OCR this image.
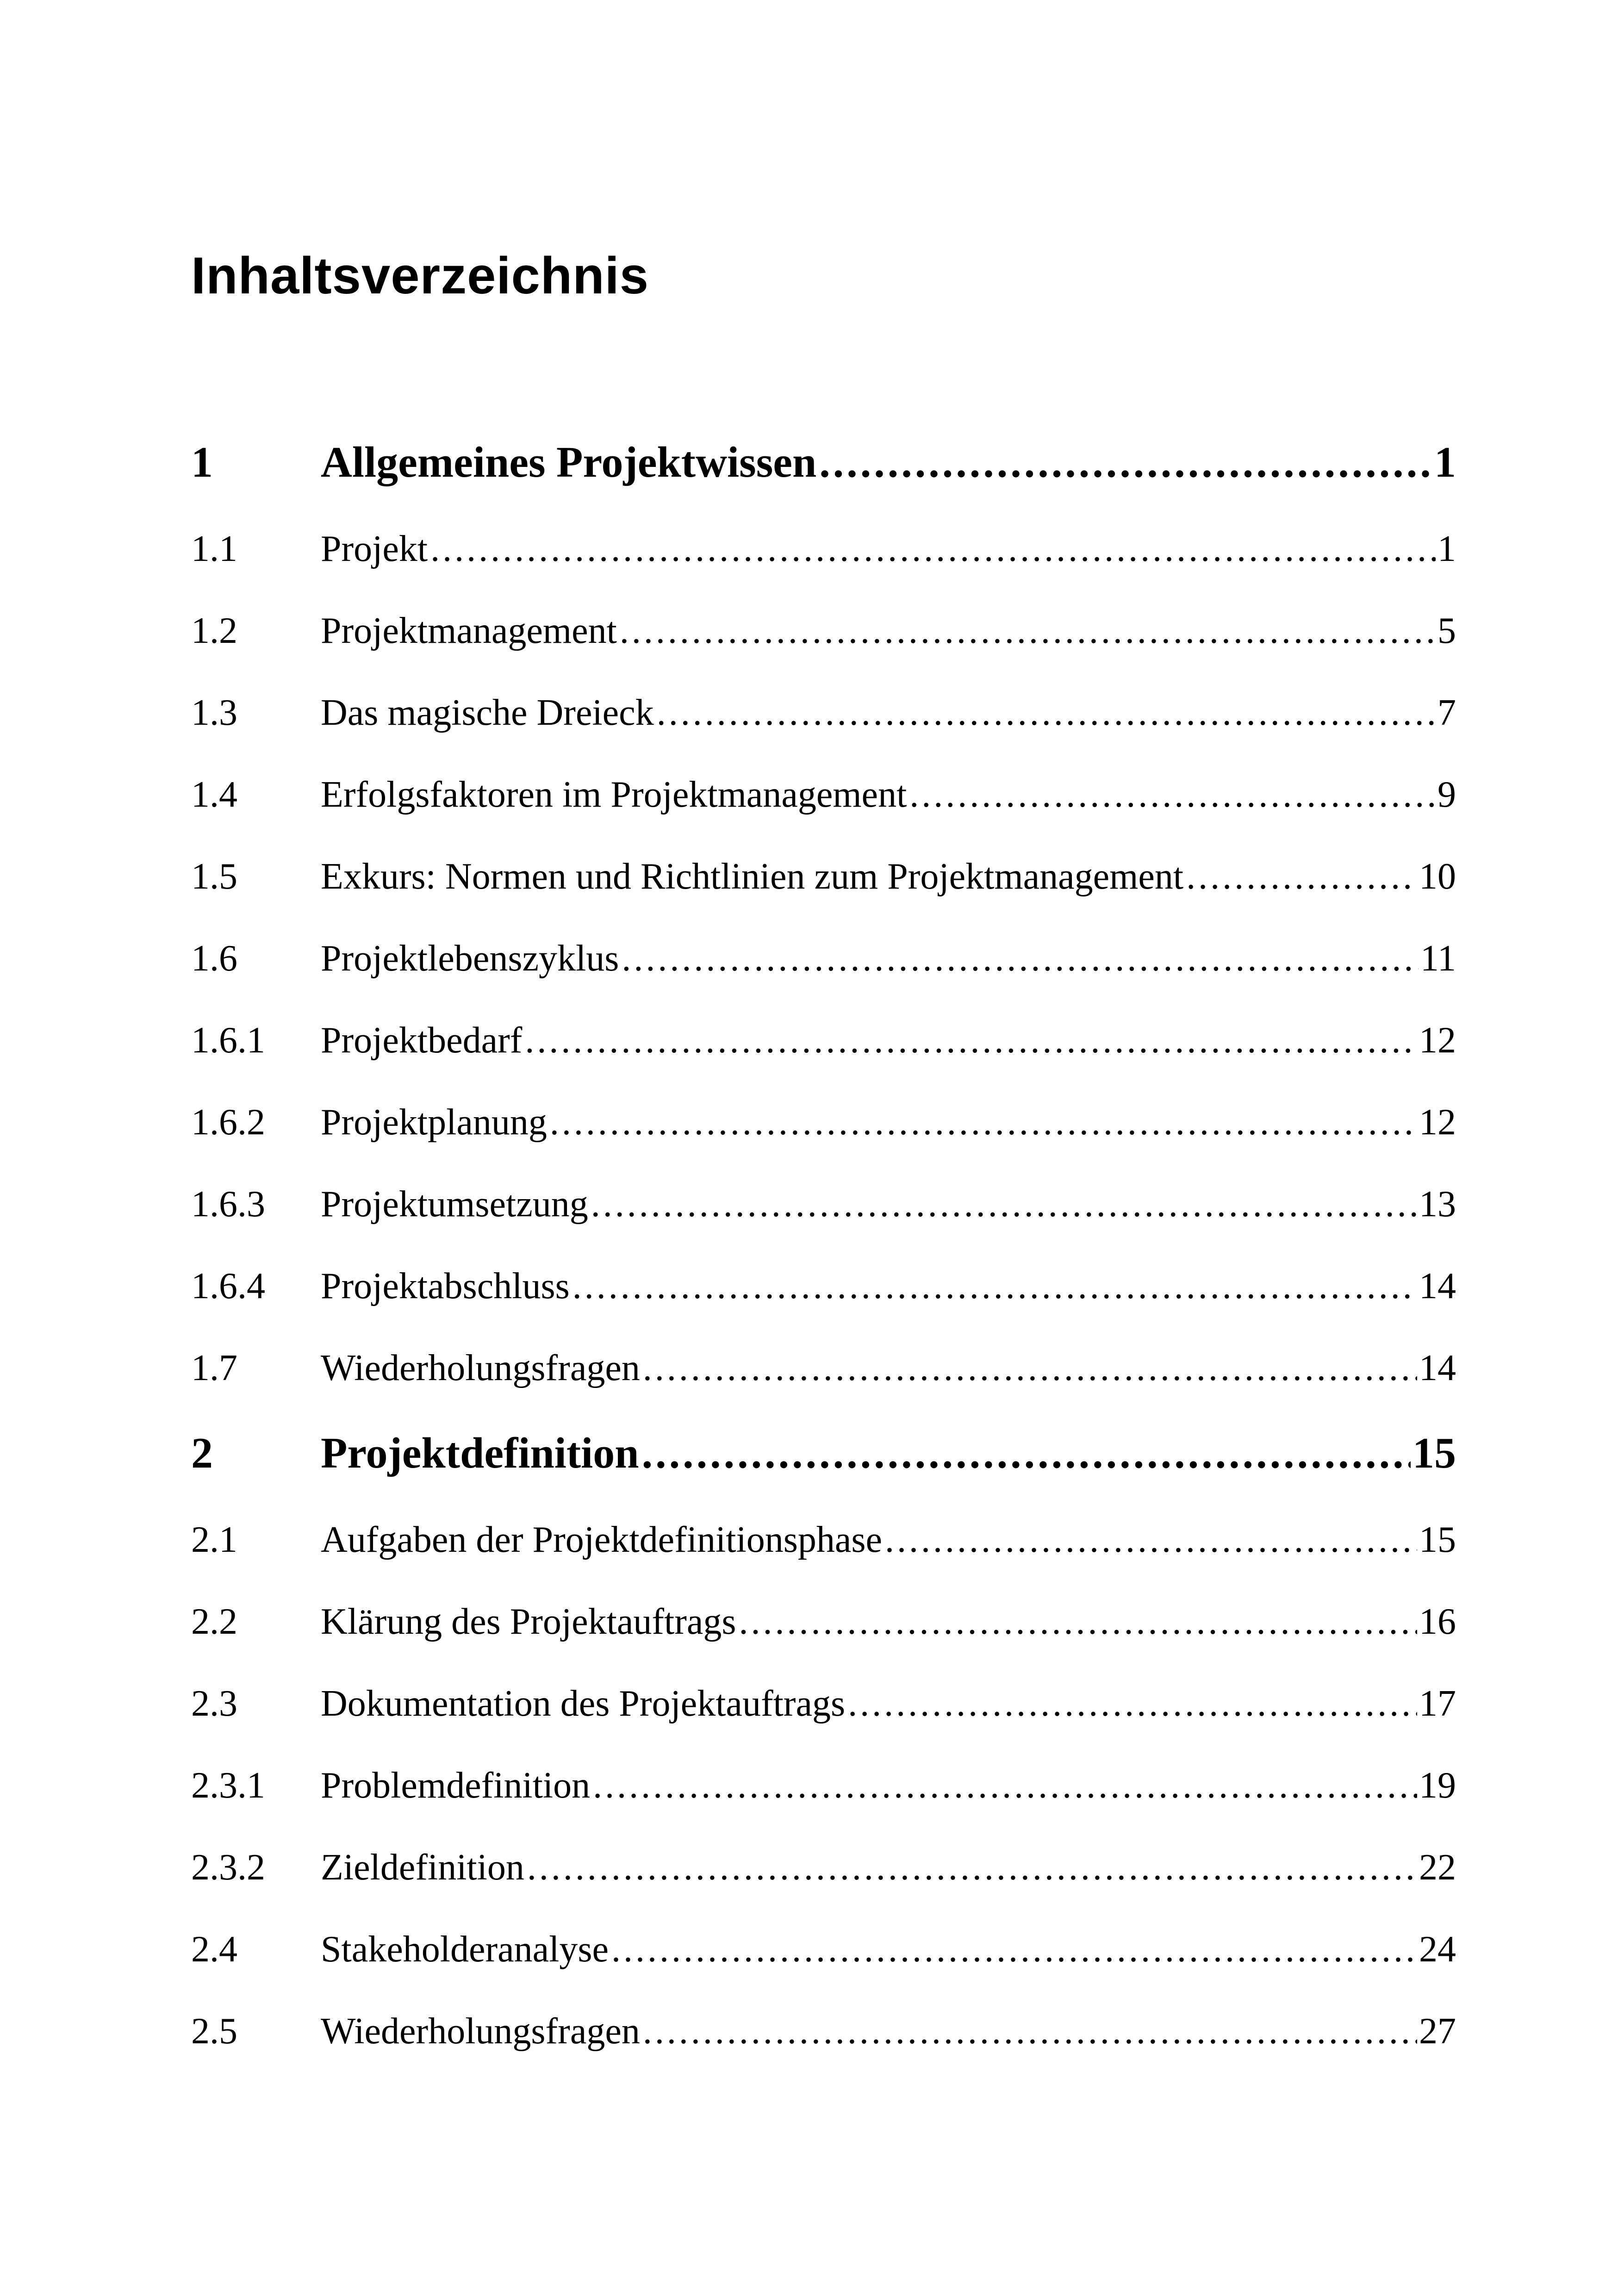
Inhaltsverzeichnis
1	Allgemeines Projektwissen .....	1
1.1	Projekt .....	1
1.2	Projektmanagement .....	5
1.3	Das magische Dreieck .....	7
1.4	Erfolgsfaktoren im Projektmanagement .....	9
1.5	Exkurs: Normen und Richtlinien zum Projektmanagement .....	10
1.6	Projektlebenszyklus .....	11
1.6.1	Projektbedarf .....	12
1.6.2	Projektplanung .....	12
1.6.3	Projektumsetzung .....	13
1.6.4	Projektabschluss .....	14
1.7	Wiederholungsfragen .....	14
2	Projektdefinition .....	15
2.1	Aufgaben der Projektdefinitionsphase .....	15
2.2	Klärung des Projektauftrags .....	16
2.3	Dokumentation des Projektauftrags .....	17
2.3.1	Problemdefinition .....	19
2.3.2	Zieldefinition .....	22
2.4	Stakeholderanalyse .....	24
2.5	Wiederholungsfragen .....	27
